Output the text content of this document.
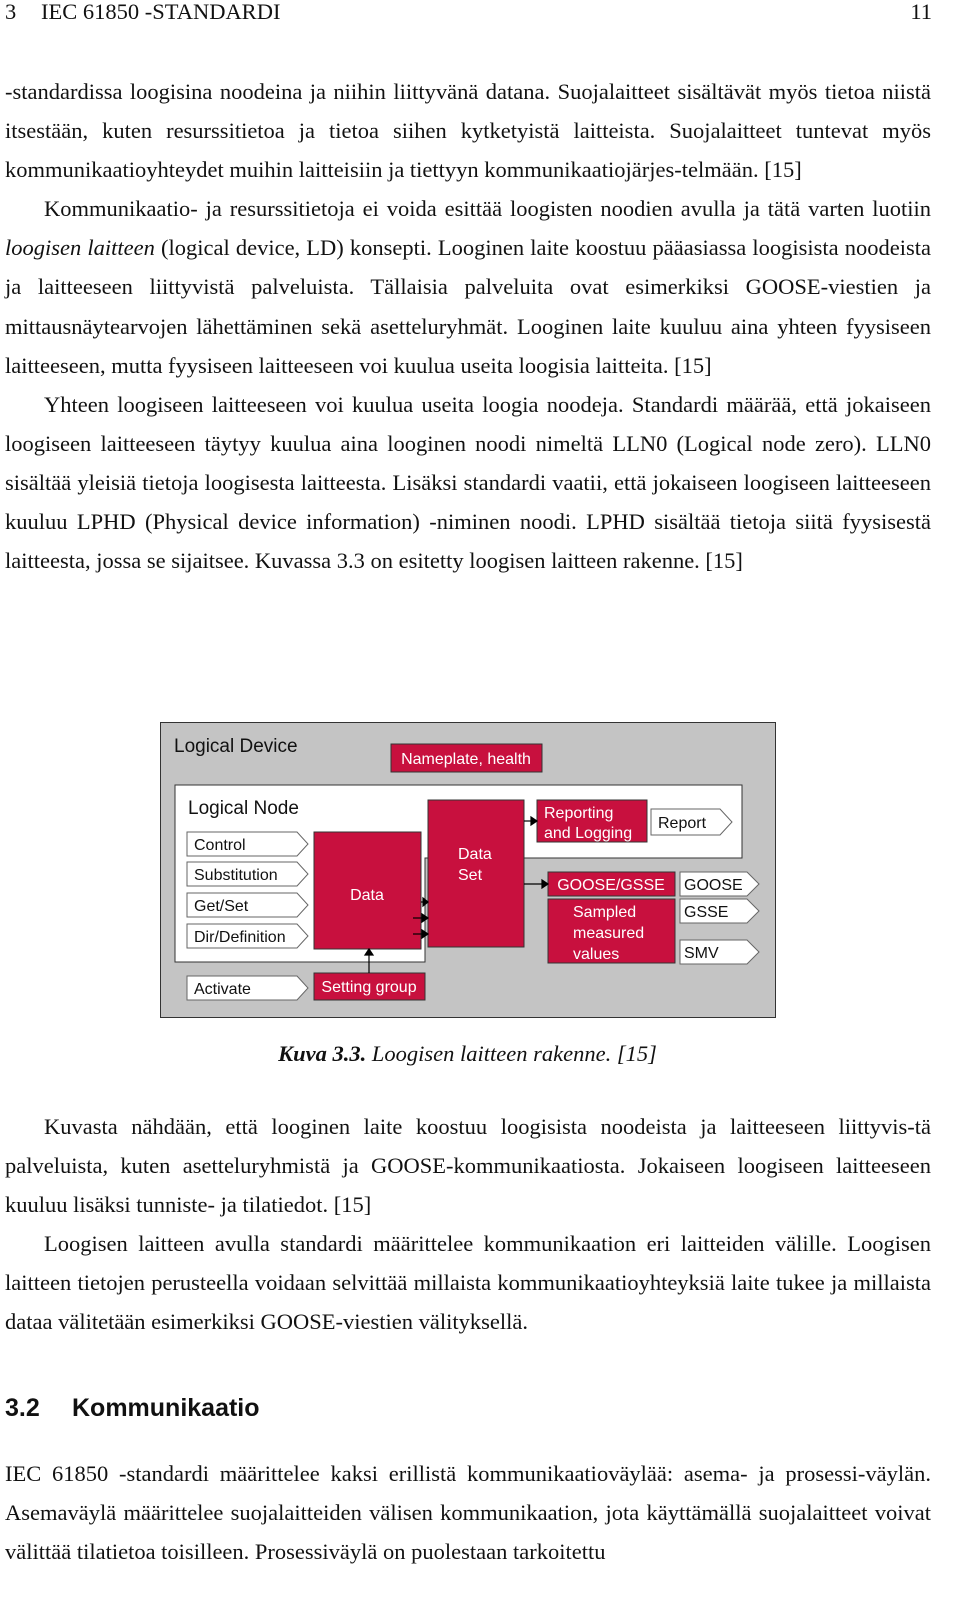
3 IEC 61850 -STANDARDI	11

-standardissa loogisina noodeina ja niihin liittyvänä datana. Suojalaitteet sisältävät myös tietoa niistä itsestään, kuten resurssitietoa ja tietoa siihen kytketyistä laitteista. Suojalaitteet tuntevat myös kommunikaatioyhteydet muihin laitteisiin ja tiettyyn kommunikaatiojärjes-telmään. [15]

Kommunikaatio- ja resurssitietoja ei voida esittää loogisten noodien avulla ja tätä varten luotiin loogisen laitteen (logical device, LD) konsepti. Looginen laite koostuu pääasiassa loogisista noodeista ja laitteeseen liittyvistä palveluista. Tällaisia palveluita ovat esimerkiksi GOOSE-viestien ja mittausnäytearvojen lähettäminen sekä asetteluryhmät. Looginen laite kuuluu aina yhteen fyysiseen laitteeseen, mutta fyysiseen laitteeseen voi kuulua useita loogisia laitteita. [15]

Yhteen loogiseen laitteeseen voi kuulua useita loogia noodeja. Standardi määrää, että jokaiseen loogiseen laitteeseen täytyy kuulua aina looginen noodi nimeltä LLN0 (Logical node zero). LLN0 sisältää yleisiä tietoja loogisesta laitteesta. Lisäksi standardi vaatii, että jokaiseen loogiseen laitteeseen kuuluu LPHD (Physical device information) -niminen noodi. LPHD sisältää tietoja siitä fyysisestä laitteesta, jossa se sijaitsee. Kuvassa 3.3 on esitetty loogisen laitteen rakenne. [15]

Logical Device
Nameplate, health
Logical Node
Control
Substitution
Get/Set
Dir/Definition
Activate
Data
Data
Set
Reporting
and Logging
GOOSE/GSSE
Sampled
measured
values
Report
GOOSE
GSSE
SMV
Setting group
Kuva 3.3. Loogisen laitteen rakenne. [15]

Kuvasta nähdään, että looginen laite koostuu loogisista noodeista ja laitteeseen liittyvis-tä palveluista, kuten asetteluryhmistä ja GOOSE-kommunikaatiosta. Jokaiseen loogiseen laitteeseen kuuluu lisäksi tunniste- ja tilatiedot. [15]

Loogisen laitteen avulla standardi määrittelee kommunikaation eri laitteiden välille. Loogisen laitteen tietojen perusteella voidaan selvittää millaista kommunikaatioyhteyksiä laite tukee ja millaista dataa välitetään esimerkiksi GOOSE-viestien välityksellä.

3.2 Kommunikaatio

IEC 61850 -standardi määrittelee kaksi erillistä kommunikaatioväylää: asema- ja prosessi-väylän. Asemaväylä määrittelee suojalaitteiden välisen kommunikaation, jota käyttämällä suojalaitteet voivat välittää tilatietoa toisilleen. Prosessiväylä on puolestaan tarkoitettu
